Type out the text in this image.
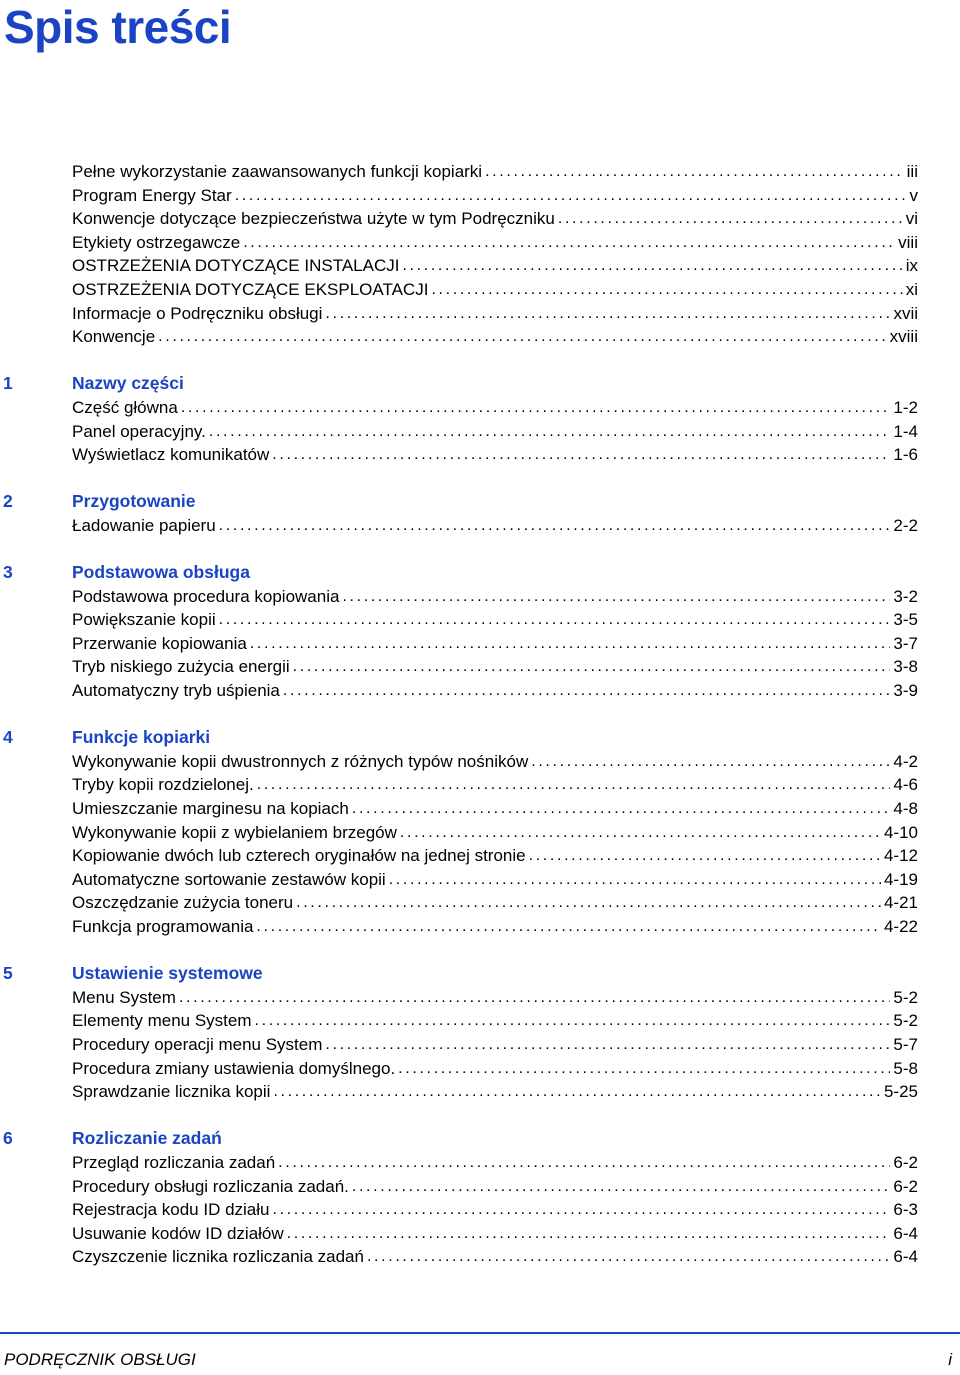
Spis treści
Pełne wykorzystanie zaawansowanych funkcji kopiarki . . .	iii
Program Energy Star . . .	v
Konwencje dotyczące bezpieczeństwa użyte w tym Podręczniku . . .	vi
Etykiety ostrzegawcze . . .	viii
OSTRZEŻENIA DOTYCZĄCE INSTALACJI . . .	ix
OSTRZEŻENIA DOTYCZĄCE EKSPLOATACJI . . .	xi
Informacje o Podręczniku obsługi . . .	xvii
Konwencje . . .	xviii
1	Nazwy części
Część główna . . .	1-2
Panel operacyjny. . . .	1-4
Wyświetlacz komunikatów . . .	1-6
2	Przygotowanie
Ładowanie papieru . . .	2-2
3	Podstawowa obsługa
Podstawowa procedura kopiowania . . .	3-2
Powiększanie kopii . . .	3-5
Przerwanie kopiowania . . .	3-7
Tryb niskiego zużycia energii . . .	3-8
Automatyczny tryb uśpienia . . .	3-9
4	Funkcje kopiarki
Wykonywanie kopii dwustronnych z różnych typów nośników . . .	4-2
Tryby kopii rozdzielonej. . . .	4-6
Umieszczanie marginesu na kopiach . . .	4-8
Wykonywanie kopii z wybielaniem brzegów . . .	4-10
Kopiowanie dwóch lub czterech oryginałów na jednej stronie . . .	4-12
Automatyczne sortowanie zestawów kopii . . .	4-19
Oszczędzanie zużycia toneru . . .	4-21
Funkcja programowania . . .	4-22
5	Ustawienie systemowe
Menu System . . .	5-2
Elementy menu System . . .	5-2
Procedury operacji menu System . . .	5-7
Procedura zmiany ustawienia domyślnego. . . .	5-8
Sprawdzanie licznika kopii . . .	5-25
6	Rozliczanie zadań
Przegląd rozliczania zadań . . .	6-2
Procedury obsługi rozliczania zadań. . . .	6-2
Rejestracja kodu ID działu . . .	6-3
Usuwanie kodów ID działów . . .	6-4
Czyszczenie licznika rozliczania zadań . . .	6-4
PODRĘCZNIK OBSŁUGI	i
